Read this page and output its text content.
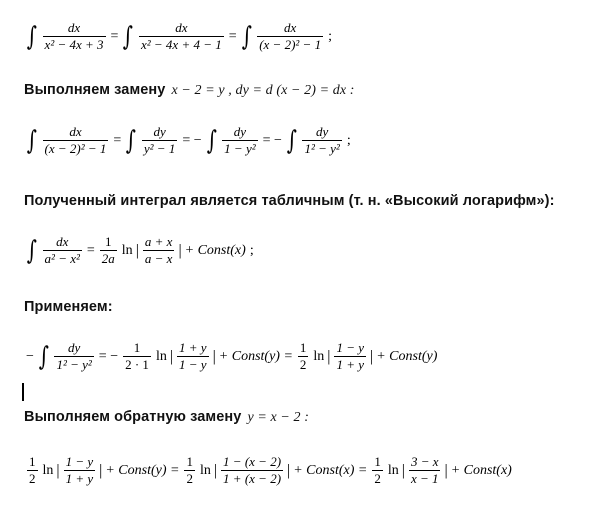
∫ $\frac{dx}{\text{x² − 4x + 3}}$ = ∫ $\frac{dx}{\text{x² − 4x + 4 − 1}}$ = ∫ $\frac{dx}{\text{(x − 2)² − 1}}$ ;
Выполняем замену x − 2 = y , dy = d (x − 2) = dx :
∫ $\frac{dx}{\text{(x − 2)² − 1}}$ = ∫ $\frac{dy}{\text{y² − 1}}$ = − ∫ $\frac{dy}{\text{1 − y²}}$ = − ∫ $\frac{dy}{\text{1² − y²}}$ ;
Полученный интеграл является табличным (т. н. «Высокий логарифм»):
∫ $\frac{dx}{\text{a² − x²}} = \frac{1}{2a}$ ln | $\frac{a + x}{a - x}$ | + Const(x) ;
Применяем:
− ∫ $\frac{dy}{\text{1² − y²}}$ = − $\frac{1}{2 \cdot 1}$ ln | $\frac{1 + y}{1 - y}$ | + Const(y) = $\frac{1}{2}$ ln | $\frac{1 - y}{1 + y}$ | + Const(y)
Выполняем обратную замену y = x − 2 :
$\frac{1}{2}$ ln | $\frac{1 - y}{1 + y}$ | + Const(y) = $\frac{1}{2}$ ln | $\frac{1 - (x - 2)}{1 + (x - 2)}$ | + Const(x) = $\frac{1}{2}$ ln | $\frac{3 - x}{x - 1}$ | + Const(x)
